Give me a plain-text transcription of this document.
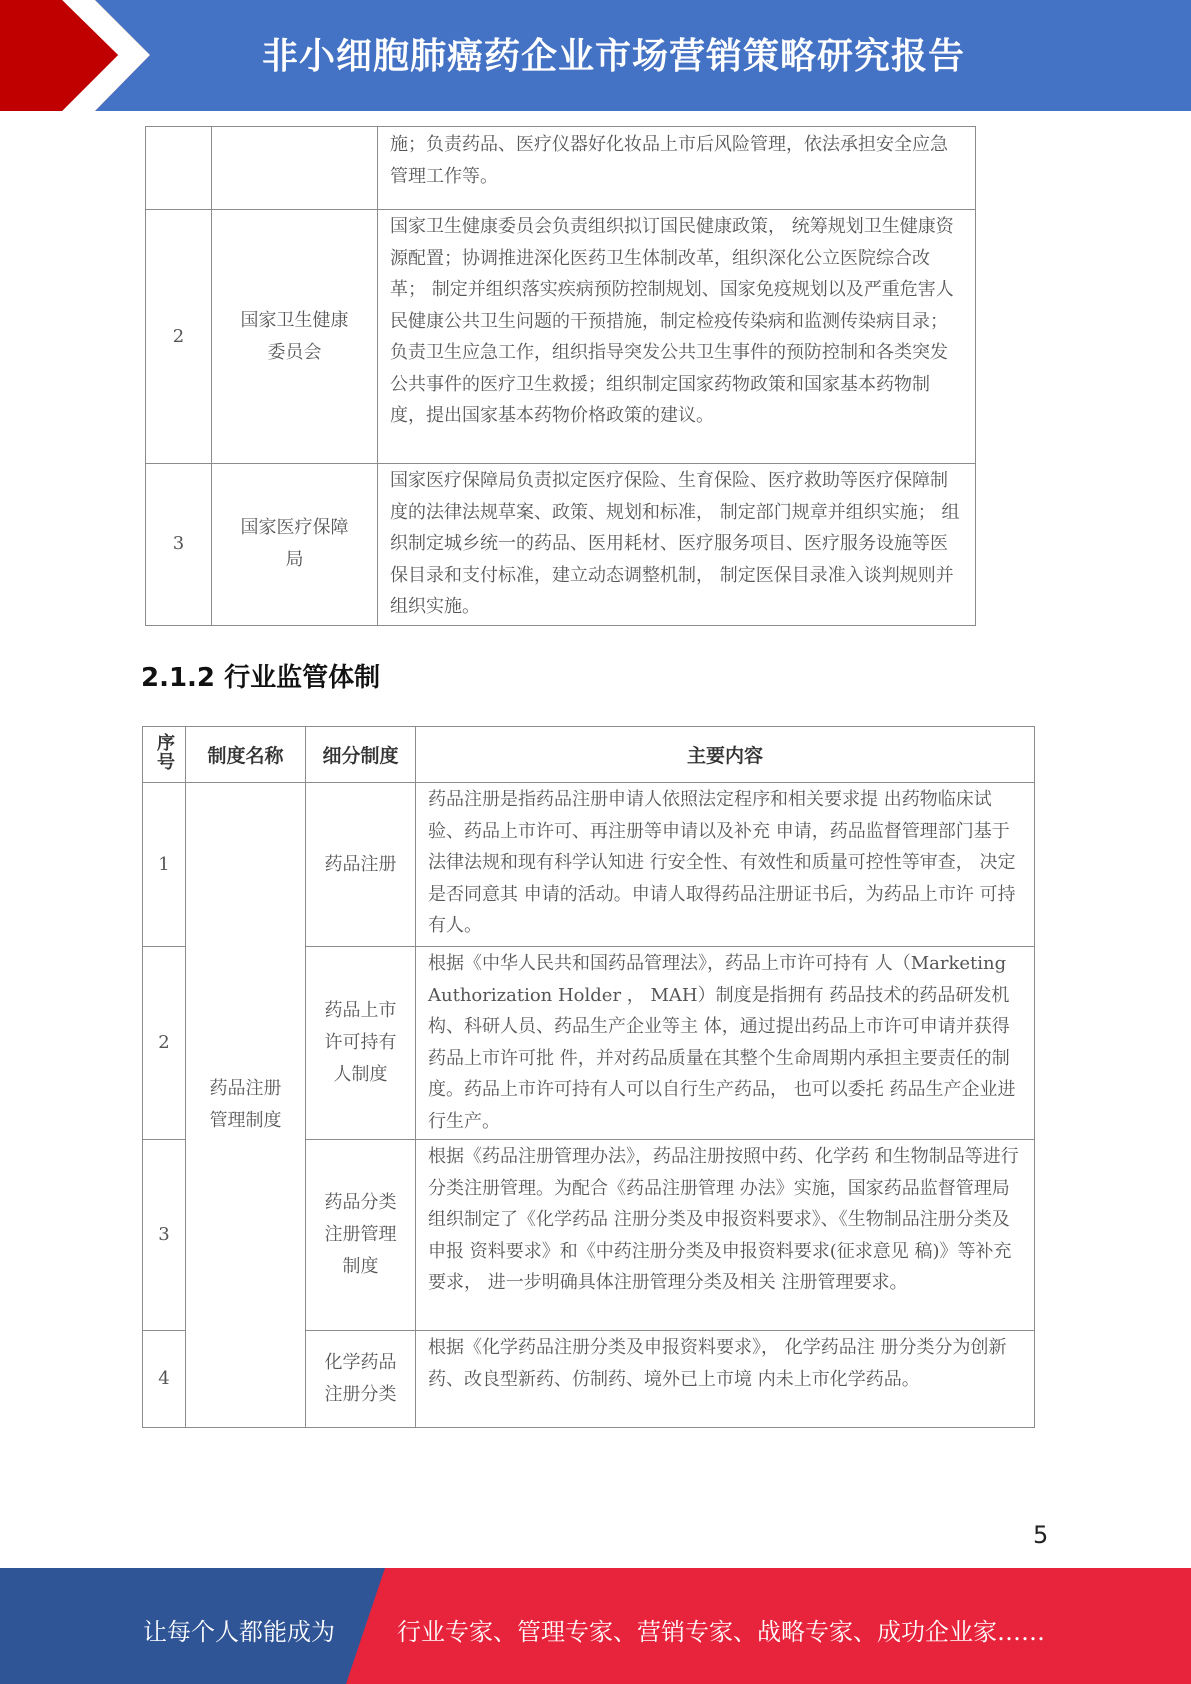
非小细胞肺癌药企业市场营销策略研究报告
		施；负责药品、医疗仪器好化妆品上市后风险管理，依法承担安全应急管理工作等。
2	国家卫生健康委员会	国家卫生健康委员会负责组织拟订国民健康政策， 统筹规划卫生健康资源配置；协调推进深化医药卫生体制改革，组织深化公立医院综合改革； 制定并组织落实疾病预防控制规划、国家免疫规划以及严重危害人民健康公共卫生问题的干预措施，制定检疫传染病和监测传染病目录；负责卫生应急工作，组织指导突发公共卫生事件的预防控制和各类突发公共事件的医疗卫生救援；组织制定国家药物政策和国家基本药物制度，提出国家基本药物价格政策的建议。
3	国家医疗保障局	国家医疗保障局负责拟定医疗保险、生育保险、医疗救助等医疗保障制度的法律法规草案、政策、规划和标准， 制定部门规章并组织实施； 组织制定城乡统一的药品、医用耗材、医疗服务项目、医疗服务设施等医保目录和支付标准，建立动态调整机制， 制定医保目录准入谈判规则并组织实施。
2.1.2 行业监管体制
序号	制度名称	细分制度	主要内容
1	药品注册管理制度	药品注册	药品注册是指药品注册申请人依照法定程序和相关要求提 出药物临床试验、药品上市许可、再注册等申请以及补充 申请，药品监督管理部门基于法律法规和现有科学认知进 行安全性、有效性和质量可控性等审查， 决定是否同意其 申请的活动。申请人取得药品注册证书后，为药品上市许 可持有人。
2		药品上市许可持有人制度	根据《中华人民共和国药品管理法》，药品上市许可持有 人（Marketing Authorization Holder ， MAH）制度是指拥有 药品技术的药品研发机构、科研人员、药品生产企业等主 体，通过提出药品上市许可申请并获得药品上市许可批 件，并对药品质量在其整个生命周期内承担主要责任的制 度。药品上市许可持有人可以自行生产药品， 也可以委托 药品生产企业进行生产。
3		药品分类注册管理制度	根据《药品注册管理办法》，药品注册按照中药、化学药 和生物制品等进行分类注册管理。为配合《药品注册管理 办法》实施，国家药品监督管理局组织制定了《化学药品 注册分类及申报资料要求》、《生物制品注册分类及申报 资料要求》和《中药注册分类及申报资料要求(征求意见 稿)》等补充要求， 进一步明确具体注册管理分类及相关 注册管理要求。
4		化学药品注册分类	根据《化学药品注册分类及申报资料要求》， 化学药品注 册分类分为创新药、改良型新药、仿制药、境外已上市境 内未上市化学药品。
5
让每个人都能成为	行业专家、管理专家、营销专家、战略专家、成功企业家……
